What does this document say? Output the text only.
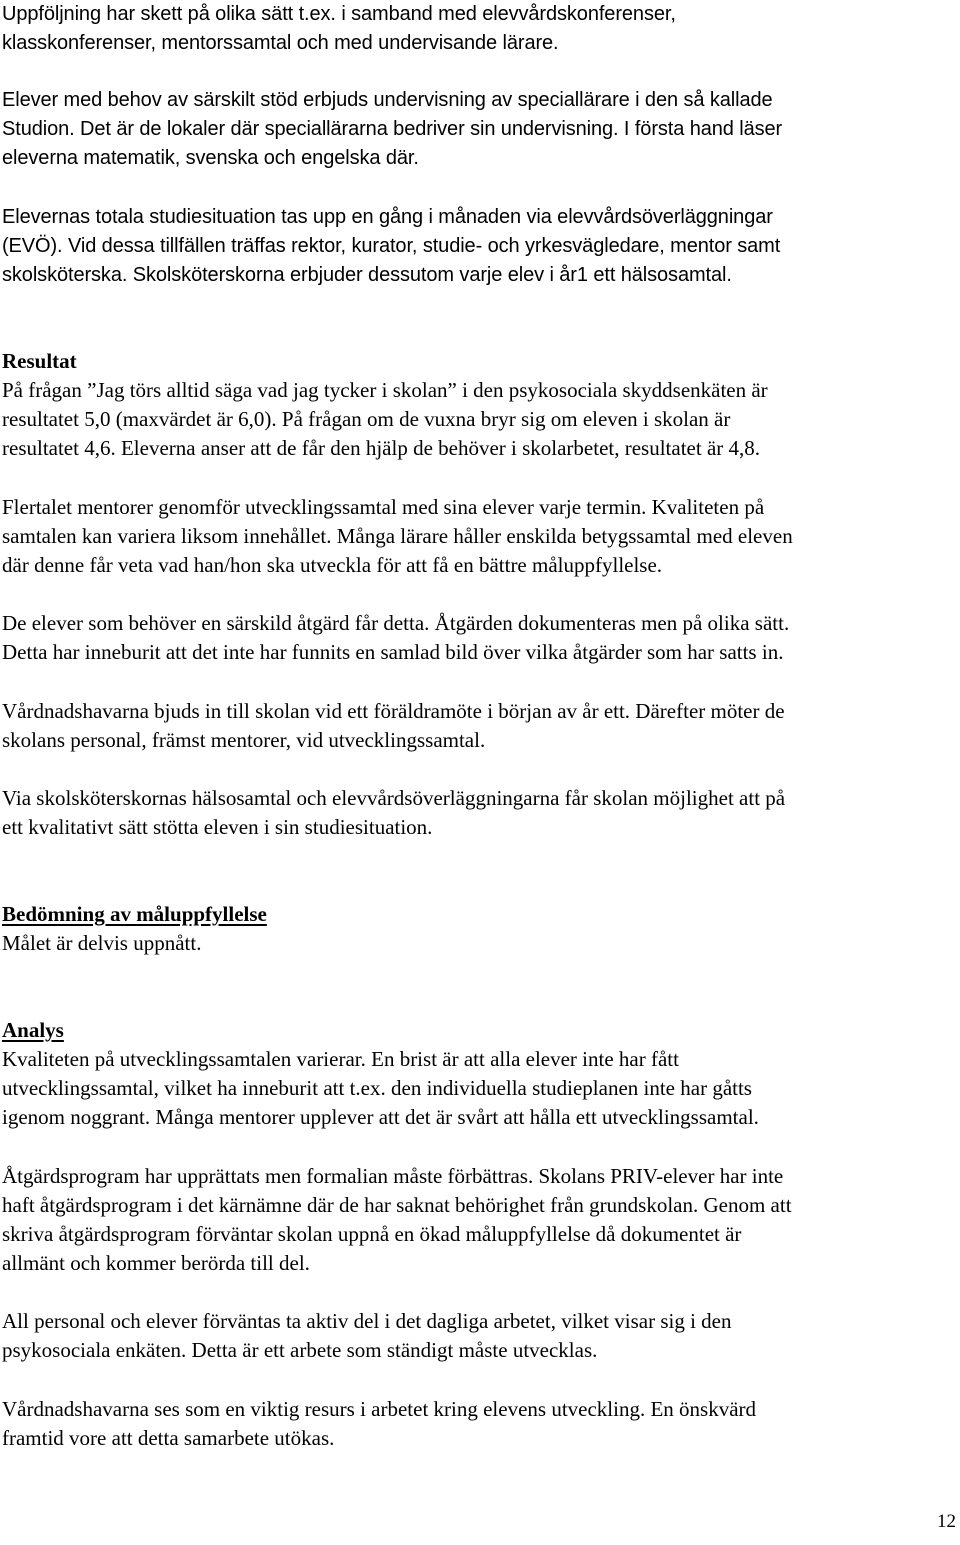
Uppföljning har skett på olika sätt t.ex. i samband med elevvårdskonferenser,
klasskonferenser, mentorssamtal och med undervisande lärare.
Elever med behov av särskilt stöd erbjuds undervisning av speciallärare i den så kallade
Studion. Det är de lokaler där speciallärarna bedriver sin undervisning. I första hand läser
eleverna matematik, svenska och engelska där.
Elevernas totala studiesituation tas upp en gång i månaden via elevvårdsöverläggningar
(EVÖ). Vid dessa tillfällen träffas rektor, kurator, studie- och yrkesvägledare, mentor samt
skolsköterska. Skolsköterskorna erbjuder dessutom varje elev i år1 ett hälsosamtal.
Resultat
På frågan ”Jag törs alltid säga vad jag tycker i skolan” i den psykosociala skyddsenkäten är
resultatet 5,0 (maxvärdet är 6,0). På frågan om de vuxna bryr sig om eleven i skolan är
resultatet 4,6. Eleverna anser att de får den hjälp de behöver i skolarbetet, resultatet är 4,8.
Flertalet mentorer genomför utvecklingssamtal med sina elever varje termin. Kvaliteten på
samtalen kan variera liksom innehållet. Många lärare håller enskilda betygssamtal med eleven
där denne får veta vad han/hon ska utveckla för att få en bättre måluppfyllelse.
De elever som behöver en särskild åtgärd får detta. Åtgärden dokumenteras men på olika sätt.
Detta har inneburit att det inte har funnits en samlad bild över vilka åtgärder som har satts in.
Vårdnadshavarna bjuds in till skolan vid ett föräldramöte i början av år ett. Därefter möter de
skolans personal, främst mentorer, vid utvecklingssamtal.
Via skolsköterskornas hälsosamtal och elevvårdsöverläggningarna får skolan möjlighet att på
ett kvalitativt sätt stötta eleven i sin studiesituation.
Bedömning av måluppfyllelse
Målet är delvis uppnått.
Analys
Kvaliteten på utvecklingssamtalen varierar. En brist är att alla elever inte har fått
utvecklingssamtal, vilket ha inneburit att t.ex. den individuella studieplanen inte har gåtts
igenom noggrant. Många mentorer upplever att det är svårt att hålla ett utvecklingssamtal.
Åtgärdsprogram har upprättats men formalian måste förbättras. Skolans PRIV-elever har inte
haft åtgärdsprogram i det kärnämne där de har saknat behörighet från grundskolan. Genom att
skriva åtgärdsprogram förväntar skolan uppnå en ökad måluppfyllelse då dokumentet är
allmänt och kommer berörda till del.
All personal och elever förväntas ta aktiv del i det dagliga arbetet, vilket visar sig i den
psykosociala enkäten. Detta är ett arbete som ständigt måste utvecklas.
Vårdnadshavarna ses som en viktig resurs i arbetet kring elevens utveckling. En önskvärd
framtid vore att detta samarbete utökas.
12
